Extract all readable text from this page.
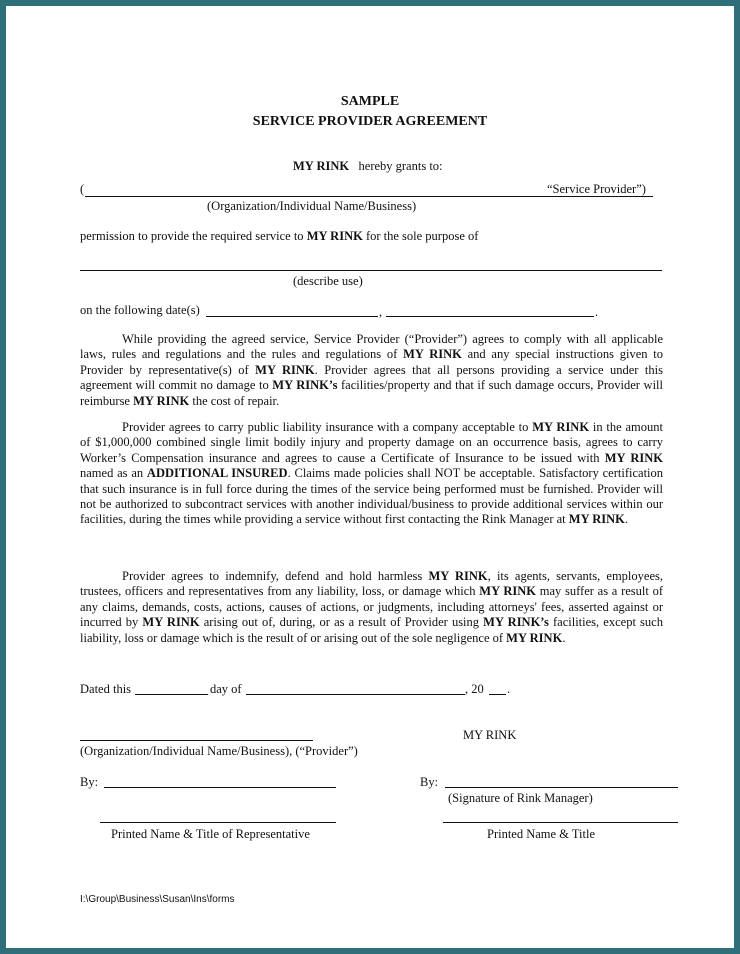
SAMPLE
SERVICE PROVIDER AGREEMENT
MY RINK hereby grants to:
(	“Service Provider”)
(Organization/Individual Name/Business)
permission to provide the required service to MY RINK for the sole purpose of
(describe use)
on the following date(s)	,	.

While providing the agreed service, Service Provider (“Provider”) agrees to comply with all applicable laws, rules and regulations and the rules and regulations of MY RINK and any special instructions given to Provider by representative(s) of MY RINK. Provider agrees that all persons providing a service under this agreement will commit no damage to MY RINK’s facilities/property and that if such damage occurs, Provider will reimburse MY RINK the cost of repair.

Provider agrees to carry public liability insurance with a company acceptable to MY RINK in the amount of $1,000,000 combined single limit bodily injury and property damage on an occurrence basis, agrees to carry Worker’s Compensation insurance and agrees to cause a Certificate of Insurance to be issued with MY RINK named as an ADDITIONAL INSURED. Claims made policies shall NOT be acceptable. Satisfactory certification that such insurance is in full force during the times of the service being performed must be furnished. Provider will not be authorized to subcontract services with another individual/business to provide additional services within our facilities, during the times while providing a service without first contacting the Rink Manager at MY RINK.

Provider agrees to indemnify, defend and hold harmless MY RINK, its agents, servants, employees, trustees, officers and representatives from any liability, loss, or damage which MY RINK may suffer as a result of any claims, demands, costs, actions, causes of actions, or judgments, including attorneys' fees, asserted against or incurred by MY RINK arising out of, during, or as a result of Provider using MY RINK’s facilities, except such liability, loss or damage which is the result of or arising out of the sole negligence of MY RINK.

Dated this	day of	, 20 .
MY RINK
(Organization/Individual Name/Business), (“Provider”)
By:	By:
(Signature of Rink Manager)
Printed Name & Title of Representative	Printed Name & Title
I:\Group\Business\Susan\Ins\forms
